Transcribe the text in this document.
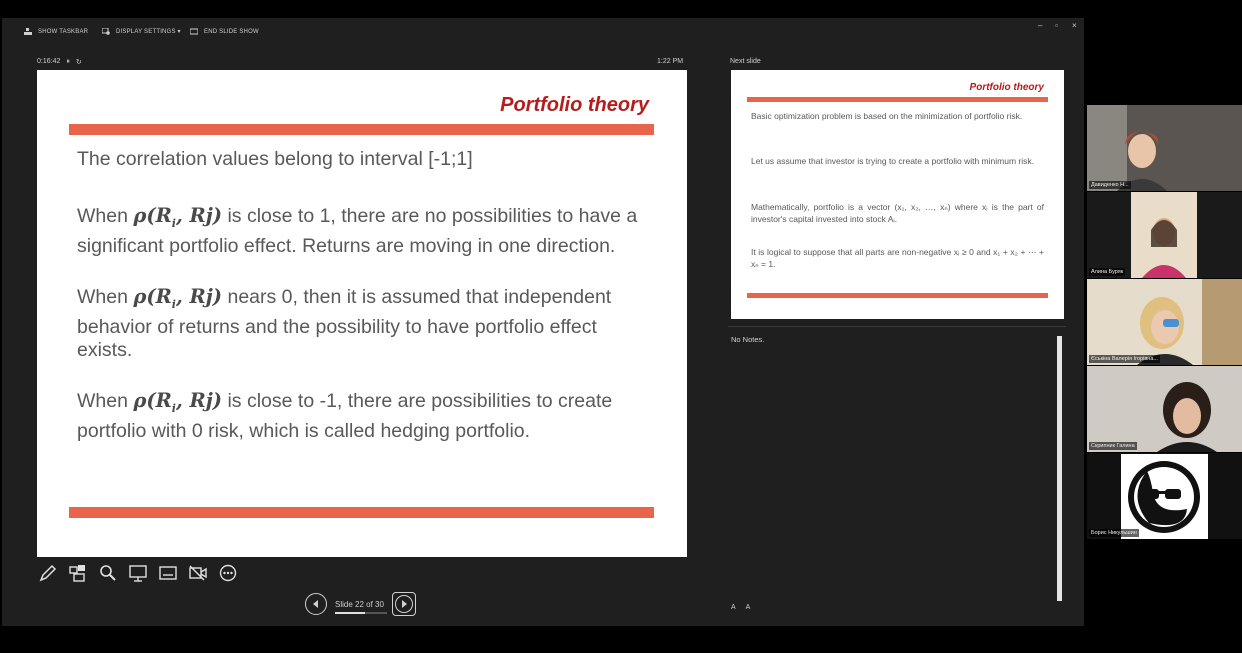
SHOW TASKBAR	DISPLAY SETTINGS ▾	END SLIDE SHOW
– ▫ ×
0:16:42 ⏸ ↻	1:22 PM	Next slide
Portfolio theory
The correlation values belong to interval [-1;1]
When $\rho(R_i$, Rj) is close to 1, there are no possibilities to have a significant portfolio effect. Returns are moving in one direction.
When $\rho(R_i$, Rj) nears 0, then it is assumed that independent behavior of returns and the possibility to have portfolio effect exists.
When $\rho(R_i$, Rj) is close to -1, there are possibilities to create portfolio with 0 risk, which is called hedging portfolio.
Portfolio theory
Basic optimization problem is based on the minimization of portfolio risk.
Let us assume that investor is trying to create a portfolio with minimum risk.
Mathematically, portfolio is a vector (x₁, x₂, …, xₙ) where xᵢ is the part of investor's capital invested into stock Aᵢ.
It is logical to suppose that all parts are non-negative xᵢ ≥ 0 and x₁ + x₂ + ⋯ + xₙ = 1.
No Notes.
Slide 22 of 30	A A
Давиденко Н...
Алина Буряк
Єськіна Валерія Ігорівна...
Скрипник Галина
Борис Никульшин
